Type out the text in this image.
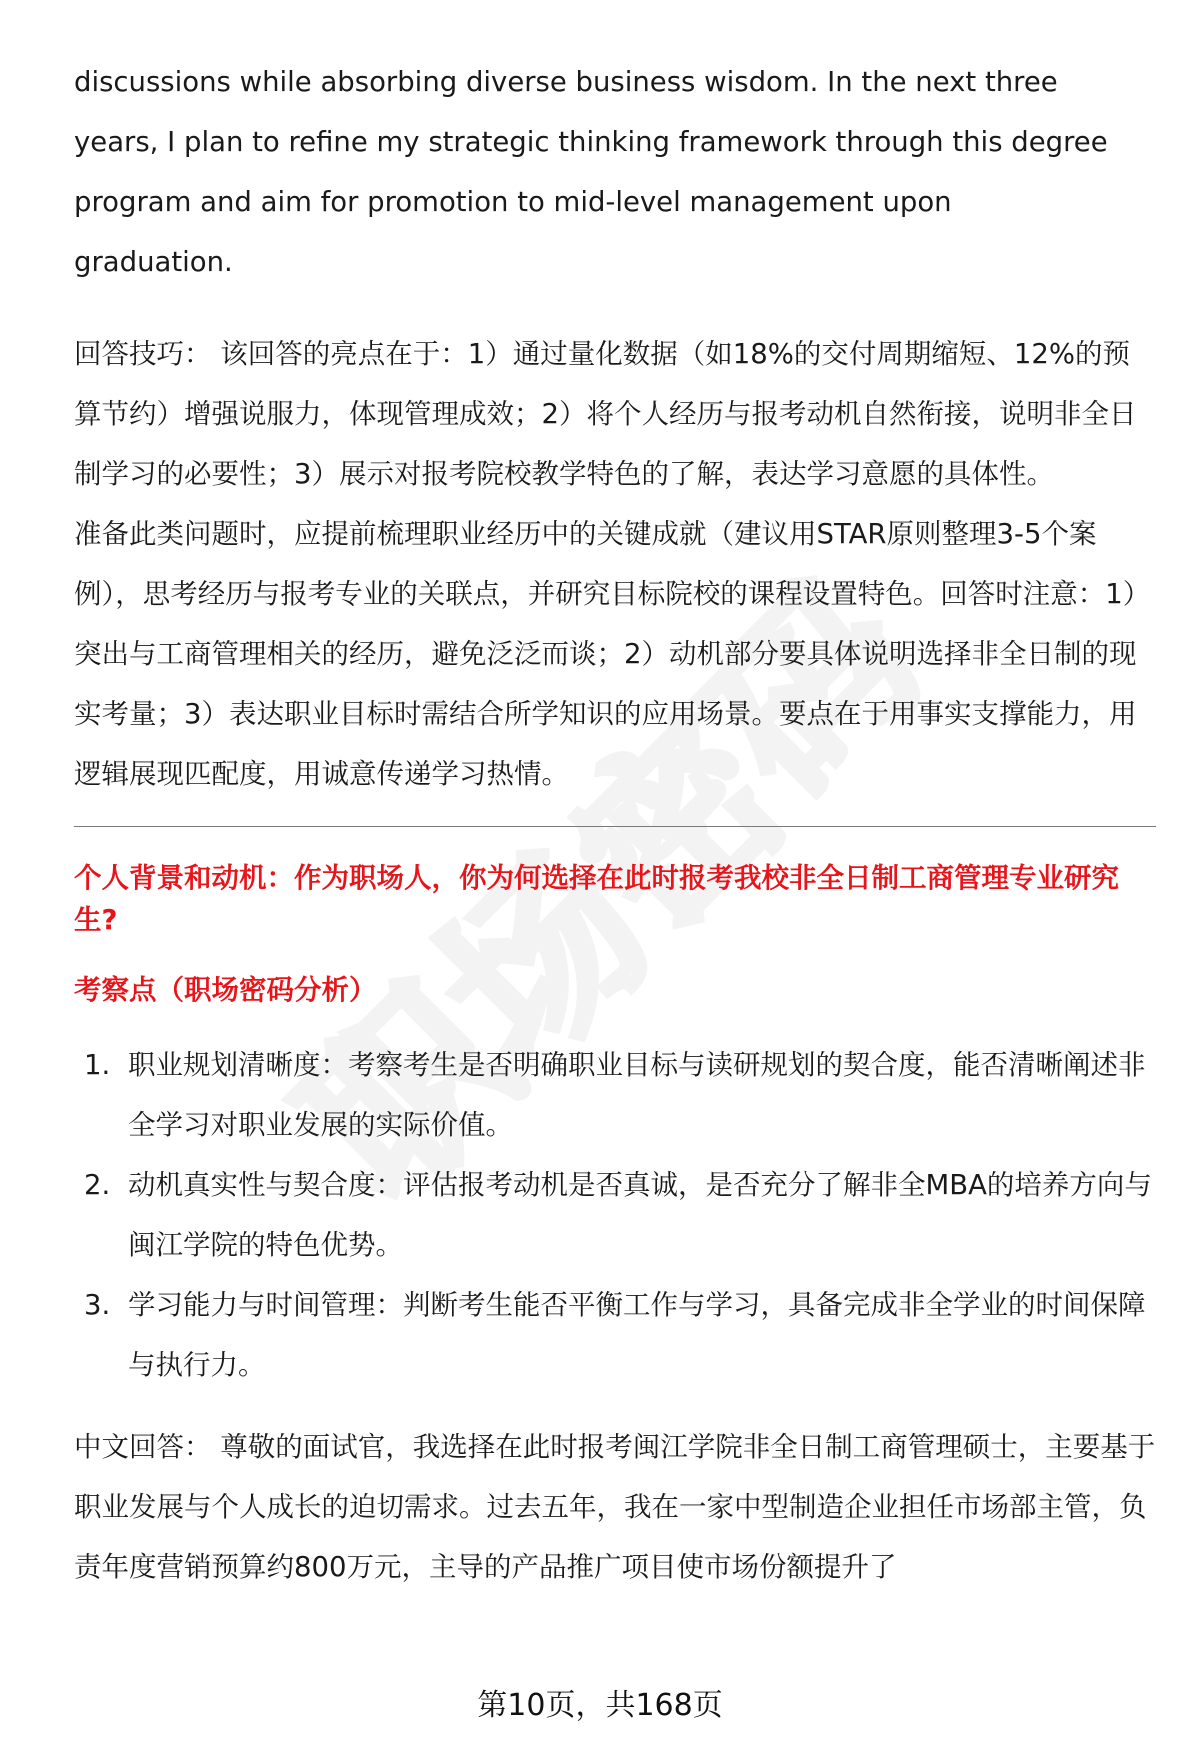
discussions while absorbing diverse business wisdom. In the next three

years, I plan to refine my strategic thinking framework through this degree

program and aim for promotion to mid-level management upon

graduation.

回答技巧： 该回答的亮点在于：1）通过量化数据（如18%的交付周期缩短、12%的预算节约）增强说服力，体现管理成效；2）将个人经历与报考动机自然衔接，说明非全日制学习的必要性；3）展示对报考院校教学特色的了解，表达学习意愿的具体性。

准备此类问题时，应提前梳理职业经历中的关键成就（建议用STAR原则整理3-5个案例），思考经历与报考专业的关联点，并研究目标院校的课程设置特色。回答时注意：1）突出与工商管理相关的经历，避免泛泛而谈；2）动机部分要具体说明选择非全日制的现实考量；3）表达职业目标时需结合所学知识的应用场景。要点在于用事实支撑能力，用逻辑展现匹配度，用诚意传递学习热情。

个人背景和动机：作为职场人，你为何选择在此时报考我校非全日制工商管理专业研究生?

考察点（职场密码分析）

1. 职业规划清晰度：考察考生是否明确职业目标与读研规划的契合度，能否清晰阐述非全学习对职业发展的实际价值。
2. 动机真实性与契合度：评估报考动机是否真诚，是否充分了解非全MBA的培养方向与闽江学院的特色优势。
3. 学习能力与时间管理：判断考生能否平衡工作与学习，具备完成非全学业的时间保障与执行力。

中文回答： 尊敬的面试官，我选择在此时报考闽江学院非全日制工商管理硕士，主要基于职业发展与个人成长的迫切需求。过去五年，我在一家中型制造企业担任市场部主管，负责年度营销预算约800万元，主导的产品推广项目使市场份额提升了

第10页，共168页
